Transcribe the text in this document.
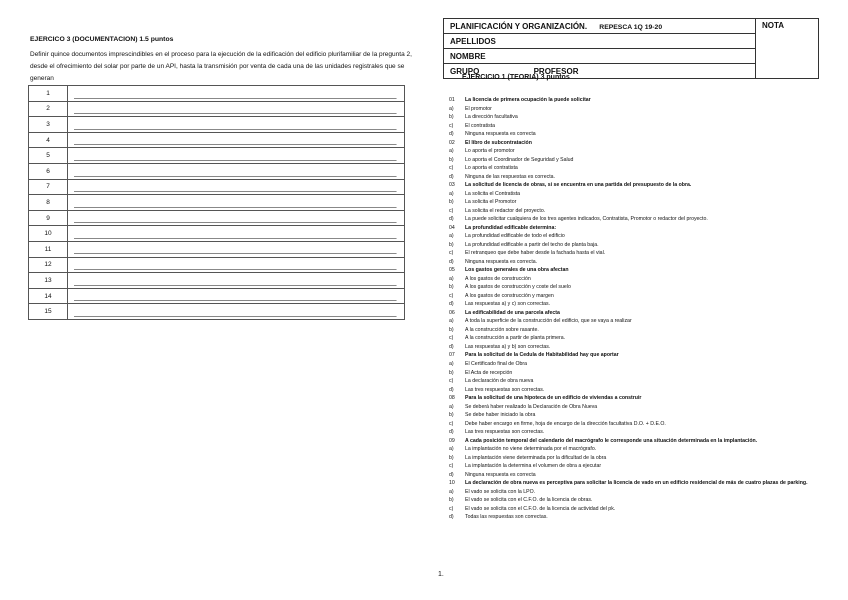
EJERCICO 3 (DOCUMENTACION) 1.5 puntos
Definir quince documentos imprescindibles en el proceso para la ejecución de la edificación del edificio plurifamiliar de la pregunta 2, desde el ofrecimiento del solar por parte de un API, hasta la transmisión por venta de cada una de las unidades registrales que se generan
1	
2	
3	
4	
5	
6	
7	
8	
9	
10	
11	
12	
13	
14	
15	
PLANIFICACIÓN Y ORGANIZACIÓN. REPESCA 1Q 19-20	NOTA
APELLIDOS
NOMBRE
GRUPO	PROFESOR
EJERCICIO 1 (TEORIA) 3 puntos
01	La licencia de primera ocupación la puede solicitar
a)	El promotor
b)	La dirección facultativa
c)	El contratista
d)	Ninguna respuesta es correcta
02	El libro de subcontratación
a)	Lo aporta el promotor
b)	Lo aporta el Coordinador de Seguridad y Salud
c)	Lo aporta el contratista
d)	Ninguna de las respuestas es correcta.
03	La solicitud de licencia de obras, si se encuentra en una partida del presupuesto de la obra.
a)	La solicita el Contratista
b)	La solicita el Promotor
c)	La solicita el redactor del proyecto.
d)	La puede solicitar cualquiera de los tres agentes indicados, Contratista, Promotor o redactor del proyecto.
04	La profundidad edificable determina:
a)	La profundidad edificable de todo el edificio
b)	La profundidad edificable a partir del techo de planta baja.
c)	El retranqueo que debe haber desde la fachada hasta el vial.
d)	Ninguna respuesta es correcta.
05	Los gastos generales de una obra afectan
a)	A los gastos de construcción
b)	A los gastos de construcción y coste del suelo
c)	A los gastos de construcción y margen
d)	Las respuestas a) y c) son correctas.
06	La edificabilidad de una parcela afecta
a)	A toda la superficie de la construcción del edificio, que se vaya a realizar
b)	A la construcción sobre rasante.
c)	A la construcción a partir de planta primera.
d)	Las respuestas a) y b) son correctas.
07	Para la solicitud de la Cedula de Habitabilidad hay que aportar
a)	El Certificado final de Obra
b)	El Acta de recepción
c)	La declaración de obra nueva
d)	Las tres respuestas son correctas.
08	Para la solicitud de una hipoteca de un edificio de viviendas a construir
a)	Se deberá haber realizado la Declaración de Obra Nueva
b)	Se debe haber iniciado la obra
c)	Debe haber encargo en firme, hoja de encargo de la dirección facultativa D.O. + D.E.O.
d)	Las tres respuestas son correctas.
09	A cada posición temporal del calendario del macrógrafo le corresponde una situación determinada en la implantación.
a)	La implantación no viene determinada por el macrógrafo.
b)	La implantación viene determinada por la dificultad de la obra
c)	La implantación la determina el volumen de obra a ejecutar
d)	Ninguna respuesta es correcta
10	La declaración de obra nueva es perceptiva para solicitar la licencia de vado en un edificio residencial de más de cuatro plazas de parking.
a)	El vado se solicita con la LPO.
b)	El vado se solicita con el C.F.O. de la licencia de obras.
c)	El vado se solicita con el C.F.O. de la licencia de actividad del pk.
d)	Todas las respuestas son correctas.
1.
